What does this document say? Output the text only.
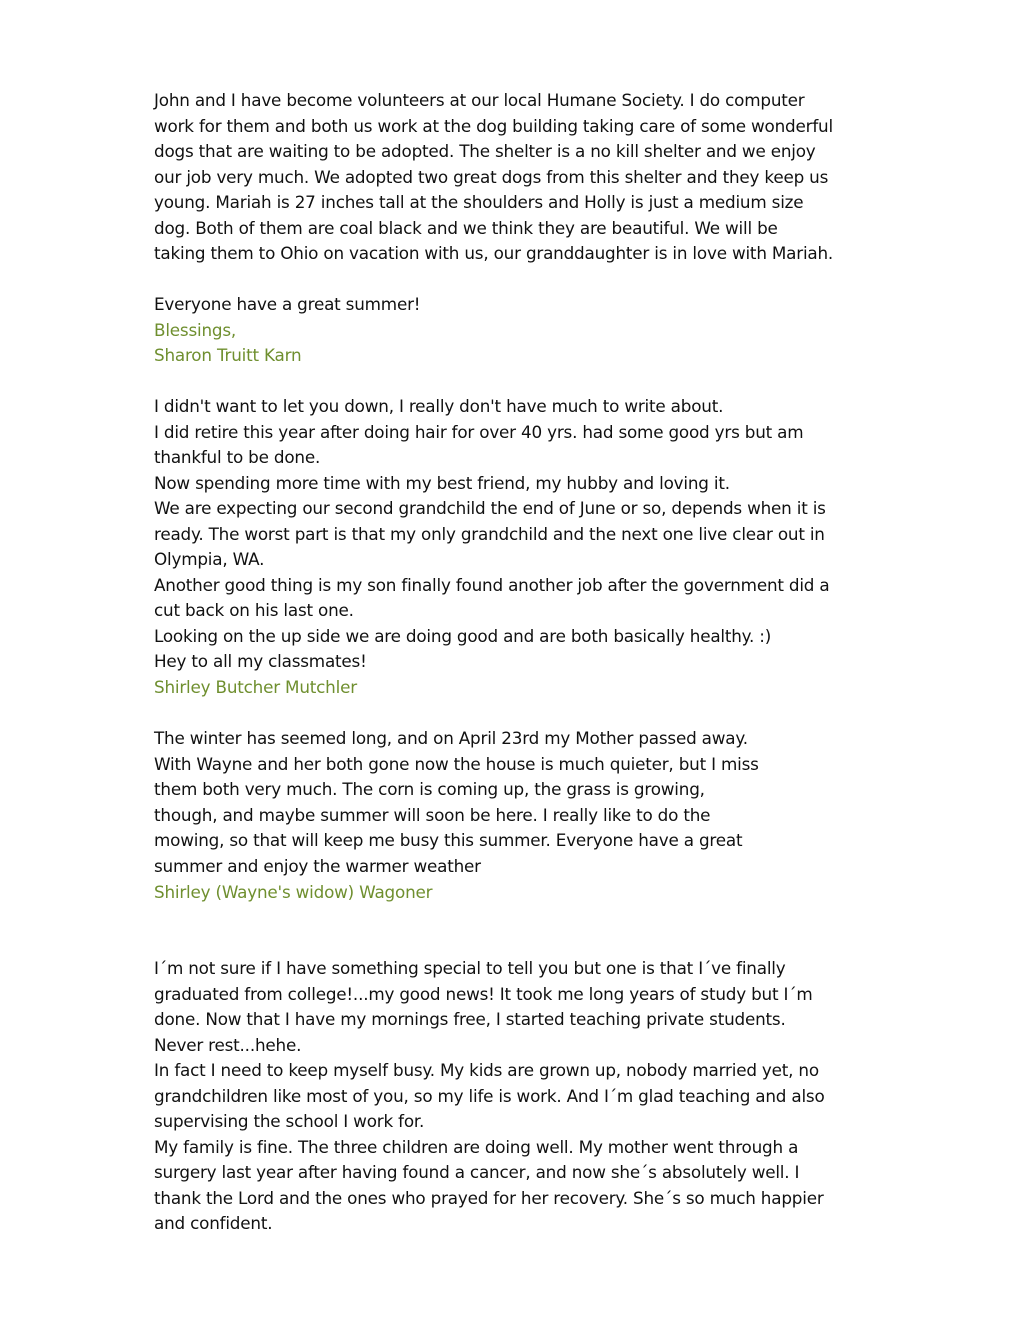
John and I have become volunteers at our local Humane Society. I do computer
work for them and both us work at the dog building taking care of some wonderful
dogs that are waiting to be adopted. The shelter is a no kill shelter and we enjoy
our job very much. We adopted two great dogs from this shelter and they keep us
young. Mariah is 27 inches tall at the shoulders and Holly is just a medium size
dog. Both of them are coal black and we think they are beautiful. We will be
taking them to Ohio on vacation with us, our granddaughter is in love with Mariah.
Everyone have a great summer!
Blessings,
Sharon Truitt Karn
I didn't want to let you down, I really don't have much to write about.
I did retire this year after doing hair for over 40 yrs. had some good yrs but am
thankful to be done.
Now spending more time with my best friend, my hubby and loving it.
We are expecting our second grandchild the end of June or so, depends when it is
ready. The worst part is that my only grandchild and the next one live clear out in
Olympia, WA.
Another good thing is my son finally found another job after the government did a
cut back on his last one.
Looking on the up side we are doing good and are both basically healthy. :)
Hey to all my classmates!
Shirley Butcher Mutchler
The winter has seemed long, and on April 23rd my Mother passed away.
With Wayne and her both gone now the house is much quieter, but I miss
them both very much. The corn is coming up, the grass is growing,
though, and maybe summer will soon be here. I really like to do the
mowing, so that will keep me busy this summer. Everyone have a great
summer and enjoy the warmer weather
Shirley (Wayne's widow) Wagoner
I´m not sure if I have something special to tell you but one is that I´ve finally
graduated from college!...my good news! It took me long years of study but I´m
done. Now that I have my mornings free, I started teaching private students.
Never rest...hehe.
In fact I need to keep myself busy. My kids are grown up, nobody married yet, no
grandchildren like most of you, so my life is work. And I´m glad teaching and also
supervising the school I work for.
My family is fine. The three children are doing well. My mother went through a
surgery last year after having found a cancer, and now she´s absolutely well. I
thank the Lord and the ones who prayed for her recovery. She´s so much happier
and confident.
